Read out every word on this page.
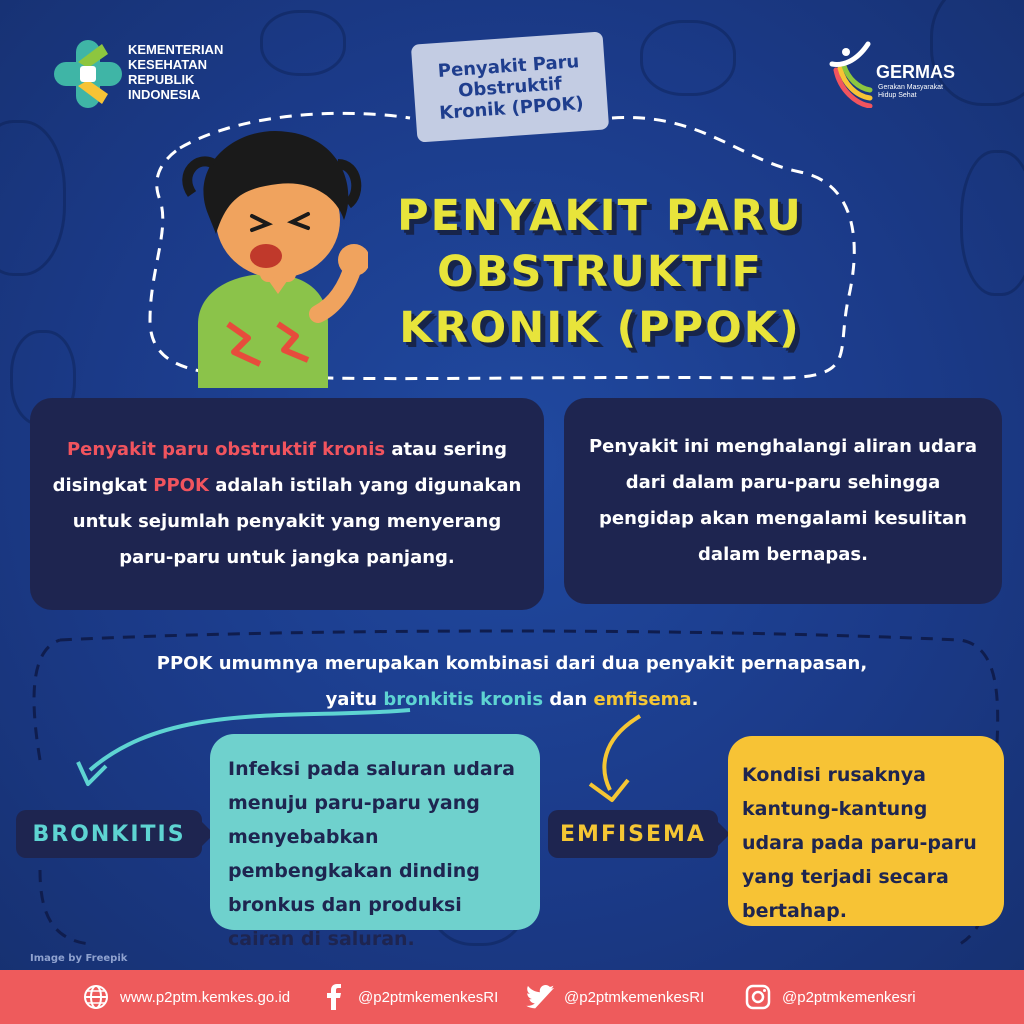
KEMENTERIAN
KESEHATAN
REPUBLIK
INDONESIA
GERMAS
Gerakan Masyarakat Hidup Sehat
Penyakit Paru
Obstruktif
Kronik (PPOK)
PENYAKIT PARU
OBSTRUKTIF
KRONIK (PPOK)
Penyakit paru obstruktif kronis atau sering disingkat PPOK adalah istilah yang digunakan untuk sejumlah penyakit yang menyerang paru-paru untuk jangka panjang.
Penyakit ini menghalangi aliran udara dari dalam paru-paru sehingga pengidap akan mengalami kesulitan dalam bernapas.
PPOK umumnya merupakan kombinasi dari dua penyakit pernapasan,
yaitu bronkitis kronis dan emfisema.
BRONKITIS
Infeksi pada saluran udara menuju paru-paru yang menyebabkan pembengkakan dinding bronkus dan produksi cairan di saluran.
EMFISEMA
Kondisi rusaknya kantung-kantung udara pada paru-paru yang terjadi secara bertahap.
Image by Freepik
www.p2ptm.kemkes.go.id	@p2ptmkemenkesRI	@p2ptmkemenkesRI	@p2ptmkemenkesri
